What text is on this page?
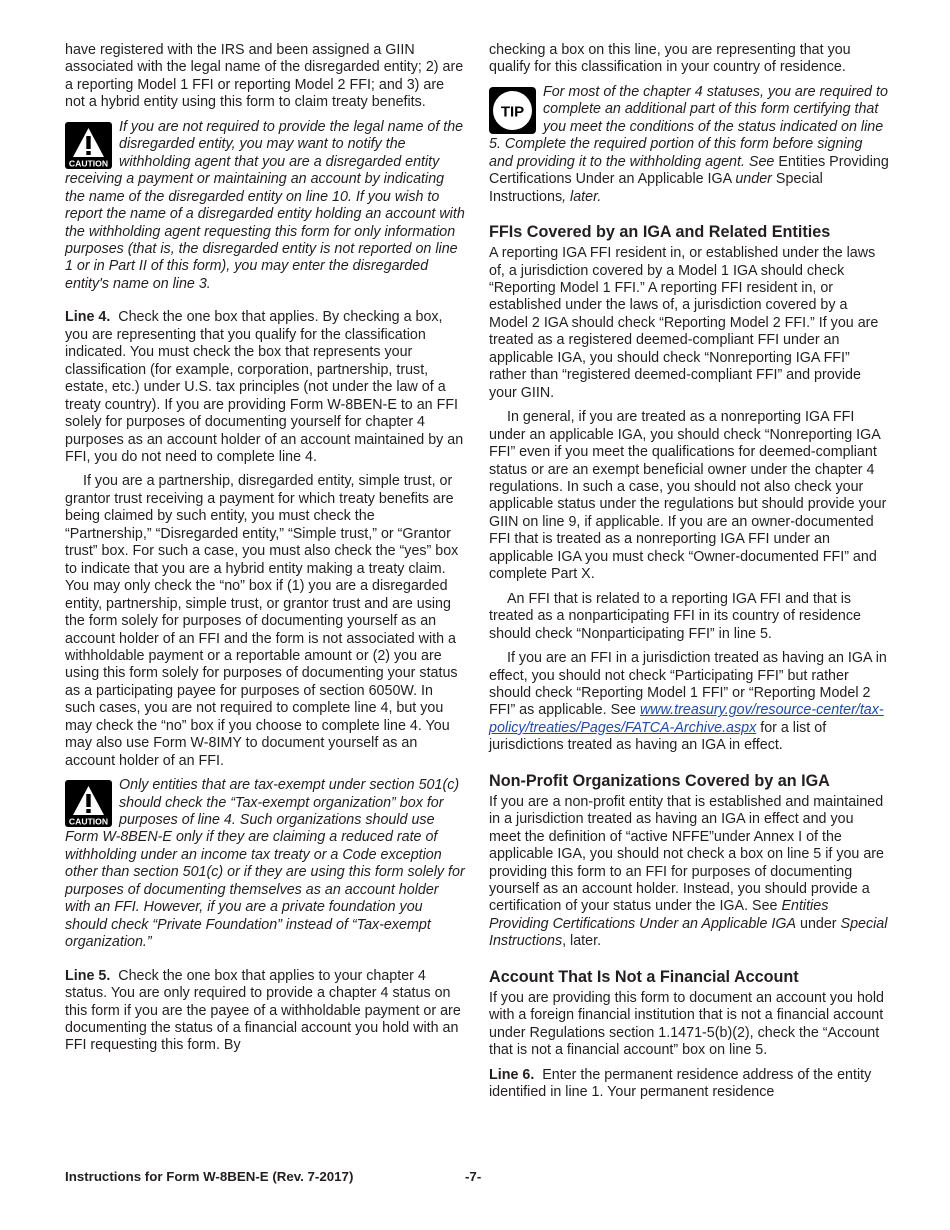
have registered with the IRS and been assigned a GIIN associated with the legal name of the disregarded entity; 2) are a reporting Model 1 FFI or reporting Model 2 FFI; and 3) are not a hybrid entity using this form to claim treaty benefits.

CAUTION
If you are not required to provide the legal name of the disregarded entity, you may want to notify the withholding agent that you are a disregarded entity receiving a payment or maintaining an account by indicating the name of the disregarded entity on line 10. If you wish to report the name of a disregarded entity holding an account with the withholding agent requesting this form for only information purposes (that is, the disregarded entity is not reported on line 1 or in Part II of this form), you may enter the disregarded entity's name on line 3.

Line 4. Check the one box that applies. By checking a box, you are representing that you qualify for the classification indicated. You must check the box that represents your classification (for example, corporation, partnership, trust, estate, etc.) under U.S. tax principles (not under the law of a treaty country). If you are providing Form W-8BEN-E to an FFI solely for purposes of documenting yourself for chapter 4 purposes as an account holder of an account maintained by an FFI, you do not need to complete line 4.

If you are a partnership, disregarded entity, simple trust, or grantor trust receiving a payment for which treaty benefits are being claimed by such entity, you must check the “Partnership,” “Disregarded entity,” “Simple trust,” or “Grantor trust” box. For such a case, you must also check the “yes” box to indicate that you are a hybrid entity making a treaty claim. You may only check the “no” box if (1) you are a disregarded entity, partnership, simple trust, or grantor trust and are using the form solely for purposes of documenting yourself as an account holder of an FFI and the form is not associated with a withholdable payment or a reportable amount or (2) you are using this form solely for purposes of documenting your status as a participating payee for purposes of section 6050W. In such cases, you are not required to complete line 4, but you may check the “no” box if you choose to complete line 4. You may also use Form W-8IMY to document yourself as an account holder of an FFI.

CAUTION
Only entities that are tax-exempt under section 501(c) should check the “Tax-exempt organization” box for purposes of line 4. Such organizations should use Form W-8BEN-E only if they are claiming a reduced rate of withholding under an income tax treaty or a Code exception other than section 501(c) or if they are using this form solely for purposes of documenting themselves as an account holder with an FFI. However, if you are a private foundation you should check “Private Foundation” instead of “Tax-exempt organization.”

Line 5. Check the one box that applies to your chapter 4 status. You are only required to provide a chapter 4 status on this form if you are the payee of a withholdable payment or are documenting the status of a financial account you hold with an FFI requesting this form. By

checking a box on this line, you are representing that you qualify for this classification in your country of residence.

TIP
For most of the chapter 4 statuses, you are required to complete an additional part of this form certifying that you meet the conditions of the status indicated on line 5. Complete the required portion of this form before signing and providing it to the withholding agent. See Entities Providing Certifications Under an Applicable IGA under Special Instructions, later.
FFIs Covered by an IGA and Related Entities

A reporting IGA FFI resident in, or established under the laws of, a jurisdiction covered by a Model 1 IGA should check “Reporting Model 1 FFI.” A reporting FFI resident in, or established under the laws of, a jurisdiction covered by a Model 2 IGA should check “Reporting Model 2 FFI.” If you are treated as a registered deemed-compliant FFI under an applicable IGA, you should check “Nonreporting IGA FFI” rather than “registered deemed-compliant FFI” and provide your GIIN.

In general, if you are treated as a nonreporting IGA FFI under an applicable IGA, you should check “Nonreporting IGA FFI” even if you meet the qualifications for deemed-compliant status or are an exempt beneficial owner under the chapter 4 regulations. In such a case, you should not also check your applicable status under the regulations but should provide your GIIN on line 9, if applicable. If you are an owner-documented FFI that is treated as a nonreporting IGA FFI under an applicable IGA you must check “Owner-documented FFI” and complete Part X.

An FFI that is related to a reporting IGA FFI and that is treated as a nonparticipating FFI in its country of residence should check “Nonparticipating FFI” in line 5.

If you are an FFI in a jurisdiction treated as having an IGA in effect, you should not check “Participating FFI” but rather should check “Reporting Model 1 FFI” or “Reporting Model 2 FFI” as applicable. See www.treasury.gov/resource-center/tax-policy/treaties/Pages/FATCA-Archive.aspx for a list of jurisdictions treated as having an IGA in effect.

Non-Profit Organizations Covered by an IGA

If you are a non-profit entity that is established and maintained in a jurisdiction treated as having an IGA in effect and you meet the definition of “active NFFE”under Annex I of the applicable IGA, you should not check a box on line 5 if you are providing this form to an FFI for purposes of documenting yourself as an account holder. Instead, you should provide a certification of your status under the IGA. See Entities Providing Certifications Under an Applicable IGA under Special Instructions, later.

Account That Is Not a Financial Account

If you are providing this form to document an account you hold with a foreign financial institution that is not a financial account under Regulations section 1.1471-5(b)(2), check the “Account that is not a financial account” box on line 5.

Line 6. Enter the permanent residence address of the entity identified in line 1. Your permanent residence

Instructions for Form W-8BEN-E (Rev. 7-2017)	-7-
